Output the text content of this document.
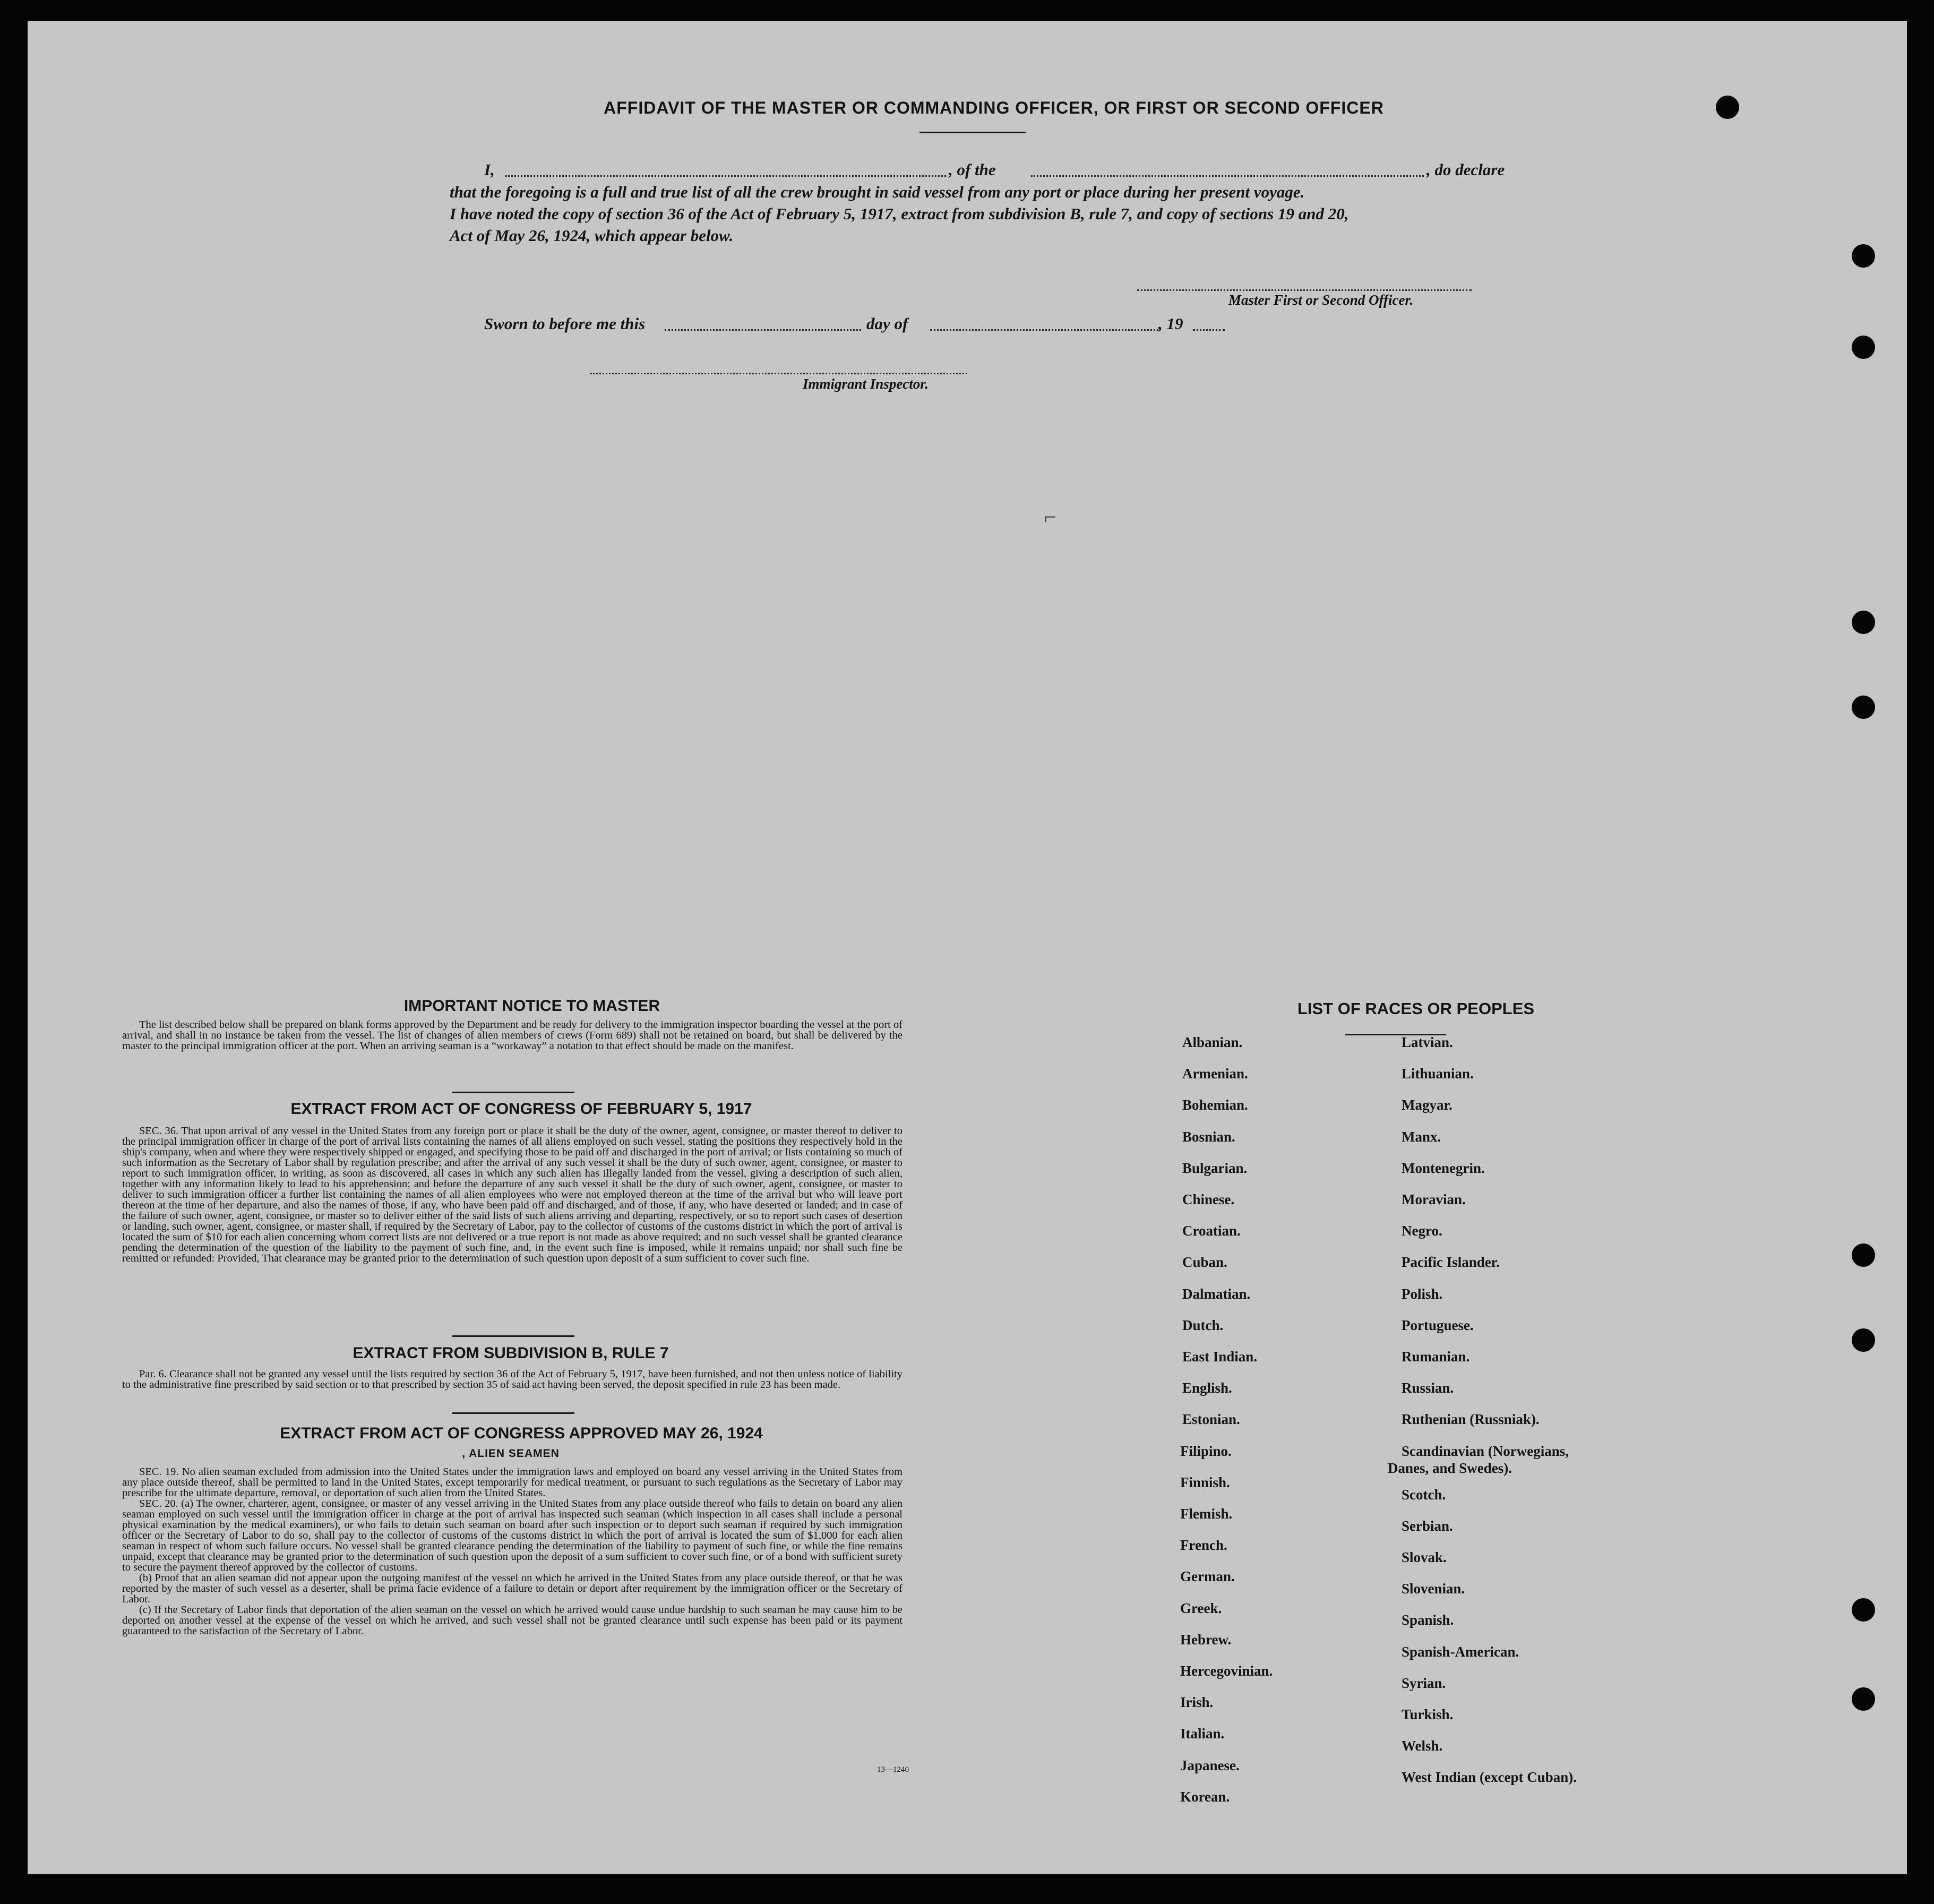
AFFIDAVIT OF THE MASTER OR COMMANDING OFFICER, OR FIRST OR SECOND OFFICER
I,	, of the	, do declare
that the foregoing is a full and true list of all the crew brought in said vessel from any port or place during her present voyage.
I have noted the copy of section 36 of the Act of February 5, 1917, extract from subdivision B, rule 7, and copy of sections 19 and 20,
Act of May 26, 1924, which appear below.
Master First or Second Officer.
Sworn to before me this	day of	, 19
Immigrant Inspector.
⌐
IMPORTANT NOTICE TO MASTER

The list described below shall be prepared on blank forms approved by the Department and be ready for delivery to the immigration inspector boarding the vessel at the port of arrival, and shall in no instance be taken from the vessel. The list of changes of alien members of crews (Form 689) shall not be retained on board, but shall be delivered by the master to the principal immigration officer at the port. When an arriving seaman is a “workaway” a notation to that effect should be made on the manifest.

EXTRACT FROM ACT OF CONGRESS OF FEBRUARY 5, 1917

SEC. 36. That upon arrival of any vessel in the United States from any foreign port or place it shall be the duty of the owner, agent, consignee, or master thereof to deliver to the principal immigration officer in charge of the port of arrival lists containing the names of all aliens employed on such vessel, stating the positions they respectively hold in the ship's company, when and where they were respectively shipped or engaged, and specifying those to be paid off and discharged in the port of arrival; or lists containing so much of such information as the Secretary of Labor shall by regulation prescribe; and after the arrival of any such vessel it shall be the duty of such owner, agent, consignee, or master to report to such immigration officer, in writing, as soon as discovered, all cases in which any such alien has illegally landed from the vessel, giving a description of such alien, together with any information likely to lead to his apprehension; and before the departure of any such vessel it shall be the duty of such owner, agent, consignee, or master to deliver to such immigration officer a further list containing the names of all alien employees who were not employed thereon at the time of the arrival but who will leave port thereon at the time of her departure, and also the names of those, if any, who have been paid off and discharged, and of those, if any, who have deserted or landed; and in case of the failure of such owner, agent, consignee, or master so to deliver either of the said lists of such aliens arriving and departing, respectively, or so to report such cases of desertion or landing, such owner, agent, consignee, or master shall, if required by the Secretary of Labor, pay to the collector of customs of the customs district in which the port of arrival is located the sum of $10 for each alien concerning whom correct lists are not delivered or a true report is not made as above required; and no such vessel shall be granted clearance pending the determination of the question of the liability to the payment of such fine, and, in the event such fine is imposed, while it remains unpaid; nor shall such fine be remitted or refunded: Provided, That clearance may be granted prior to the determination of such question upon deposit of a sum sufficient to cover such fine.

EXTRACT FROM SUBDIVISION B, RULE 7

Par. 6. Clearance shall not be granted any vessel until the lists required by section 36 of the Act of February 5, 1917, have been furnished, and not then unless notice of liability to the administrative fine prescribed by said section or to that prescribed by section 35 of said act having been served, the deposit specified in rule 23 has been made.

EXTRACT FROM ACT OF CONGRESS APPROVED MAY 26, 1924
, ALIEN SEAMEN

SEC. 19. No alien seaman excluded from admission into the United States under the immigration laws and employed on board any vessel arriving in the United States from any place outside thereof, shall be permitted to land in the United States, except temporarily for medical treatment, or pursuant to such regulations as the Secretary of Labor may prescribe for the ultimate departure, removal, or deportation of such alien from the United States.

SEC. 20. (a) The owner, charterer, agent, consignee, or master of any vessel arriving in the United States from any place outside thereof who fails to detain on board any alien seaman employed on such vessel until the immigration officer in charge at the port of arrival has inspected such seaman (which inspection in all cases shall include a personal physical examination by the medical examiners), or who fails to detain such seaman on board after such inspection or to deport such seaman if required by such immigration officer or the Secretary of Labor to do so, shall pay to the collector of customs of the customs district in which the port of arrival is located the sum of $1,000 for each alien seaman in respect of whom such failure occurs. No vessel shall be granted clearance pending the determination of the liability to payment of such fine, or while the fine remains unpaid, except that clearance may be granted prior to the determination of such question upon the deposit of a sum sufficient to cover such fine, or of a bond with sufficient surety to secure the payment thereof approved by the collector of customs.

(b) Proof that an alien seaman did not appear upon the outgoing manifest of the vessel on which he arrived in the United States from any place outside thereof, or that he was reported by the master of such vessel as a deserter, shall be prima facie evidence of a failure to detain or deport after requirement by the immigration officer or the Secretary of Labor.

(c) If the Secretary of Labor finds that deportation of the alien seaman on the vessel on which he arrived would cause undue hardship to such seaman he may cause him to be deported on another vessel at the expense of the vessel on which he arrived, and such vessel shall not be granted clearance until such expense has been paid or its payment guaranteed to the satisfaction of the Secretary of Labor.

13—1240
LIST OF RACES OR PEOPLES
Albanian.
Armenian.
Bohemian.
Bosnian.
Bulgarian.
Chinese.
Croatian.
Cuban.
Dalmatian.
Dutch.
East Indian.
English.
Estonian.
Filipino.
Finnish.
Flemish.
French.
German.
Greek.
Hebrew.
Hercegovinian.
Irish.
Italian.
Japanese.
Korean.
Latvian.
Lithuanian.
Magyar.
Manx.
Montenegrin.
Moravian.
Negro.
Pacific Islander.
Polish.
Portuguese.
Rumanian.
Russian.
Ruthenian (Russniak).
Scandinavian (Norwegians,
Danes, and Swedes).
Scotch.
Serbian.
Slovak.
Slovenian.
Spanish.
Spanish-American.
Syrian.
Turkish.
Welsh.
West Indian (except Cuban).
